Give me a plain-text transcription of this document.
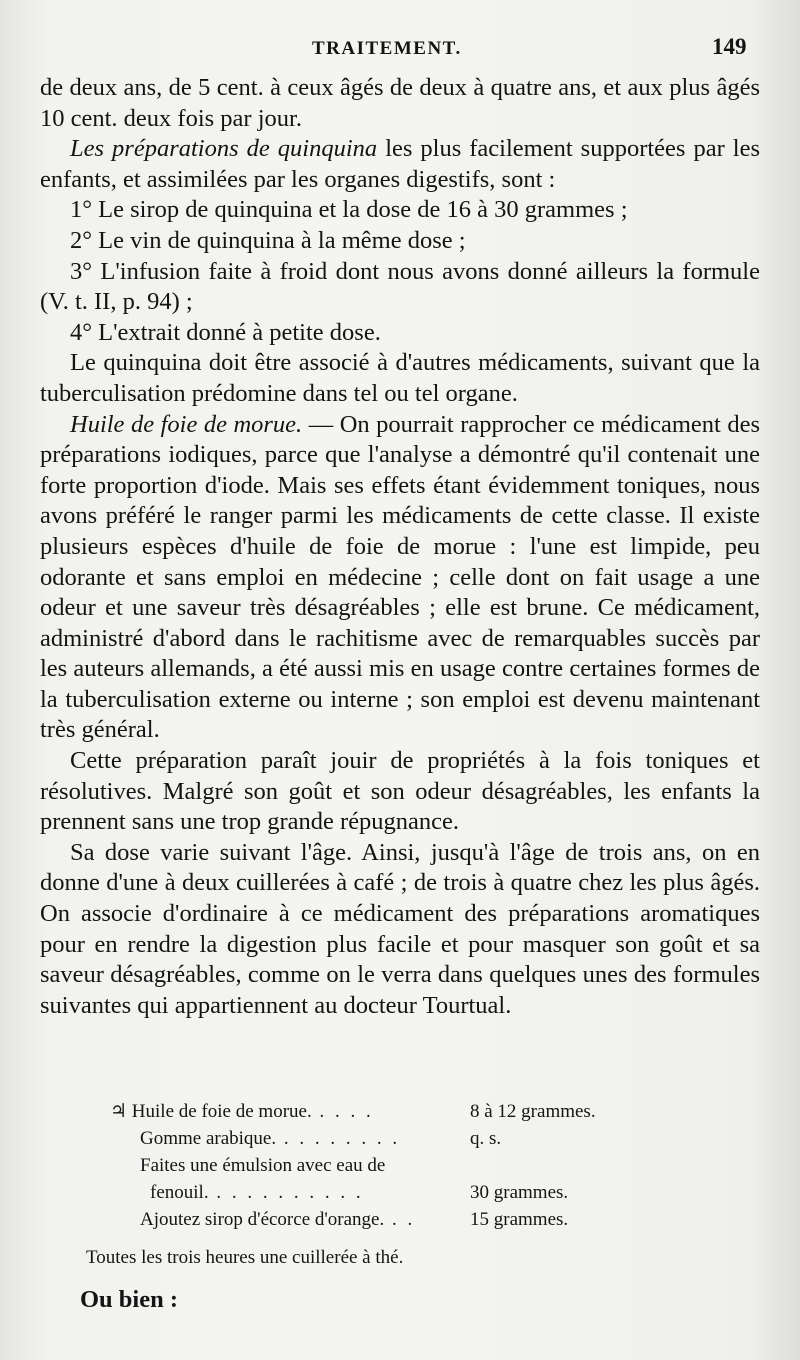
TRAITEMENT.	149

de deux ans, de 5 cent. à ceux âgés de deux à quatre ans, et aux plus âgés 10 cent. deux fois par jour.

Les préparations de quinquina les plus facilement supportées par les enfants, et assimilées par les organes digestifs, sont :

1° Le sirop de quinquina et la dose de 16 à 30 grammes ;

2° Le vin de quinquina à la même dose ;

3° L'infusion faite à froid dont nous avons donné ailleurs la formule (V. t. II, p. 94) ;

4° L'extrait donné à petite dose.

Le quinquina doit être associé à d'autres médicaments, suivant que la tuberculisation prédomine dans tel ou tel organe.

Huile de foie de morue. — On pourrait rapprocher ce médicament des préparations iodiques, parce que l'analyse a démontré qu'il contenait une forte proportion d'iode. Mais ses effets étant évidemment toniques, nous avons préféré le ranger parmi les médicaments de cette classe. Il existe plusieurs espèces d'huile de foie de morue : l'une est limpide, peu odorante et sans emploi en médecine ; celle dont on fait usage a une odeur et une saveur très désagréables ; elle est brune. Ce médicament, administré d'abord dans le rachitisme avec de remarquables succès par les auteurs allemands, a été aussi mis en usage contre certaines formes de la tuberculisation externe ou interne ; son emploi est devenu maintenant très général.

Cette préparation paraît jouir de propriétés à la fois toniques et résolutives. Malgré son goût et son odeur désagréables, les enfants la prennent sans une trop grande répugnance.

Sa dose varie suivant l'âge. Ainsi, jusqu'à l'âge de trois ans, on en donne d'une à deux cuillerées à café ; de trois à quatre chez les plus âgés. On associe d'ordinaire à ce médicament des préparations aromatiques pour en rendre la digestion plus facile et pour masquer son goût et sa saveur désagréables, comme on le verra dans quelques unes des formules suivantes qui appartiennent au docteur Tourtual.

♃ Huile de foie de morue. . . . .	8 à 12 grammes.
Gomme arabique. . . . . . . . .	q. s.
Faites une émulsion avec eau de
fenouil. . . . . . . . . . .	30 grammes.
Ajoutez sirop d'écorce d'orange. . .	15 grammes.
Toutes les trois heures une cuillerée à thé.
Ou bien :
